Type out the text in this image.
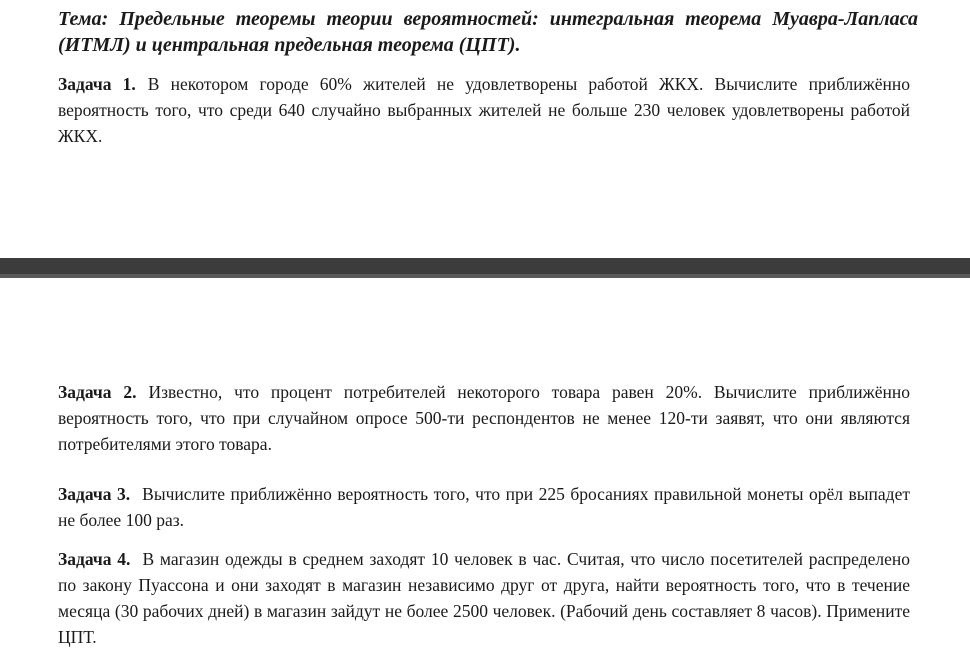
Тема: Предельные теоремы теории вероятностей: интегральная теорема Муавра-Лапласа (ИТМЛ) и центральная предельная теорема (ЦПТ).

Задача 1. В некотором городе 60% жителей не удовлетворены работой ЖКХ. Вычислите приближённо вероятность того, что среди 640 случайно выбранных жителей не больше 230 человек удовлетворены работой ЖКХ.

Задача 2. Известно, что процент потребителей некоторого товара равен 20%. Вычислите приближённо вероятность того, что при случайном опросе 500-ти респондентов не менее 120-ти заявят, что они являются потребителями этого товара.

Задача 3. Вычислите приближённо вероятность того, что при 225 бросаниях правильной монеты орёл выпадет не более 100 раз.

Задача 4. В магазин одежды в среднем заходят 10 человек в час. Считая, что число посетителей распределено по закону Пуассона и они заходят в магазин независимо друг от друга, найти вероятность того, что в течение месяца (30 рабочих дней) в магазин зайдут не более 2500 человек. (Рабочий день составляет 8 часов). Примените ЦПТ.
